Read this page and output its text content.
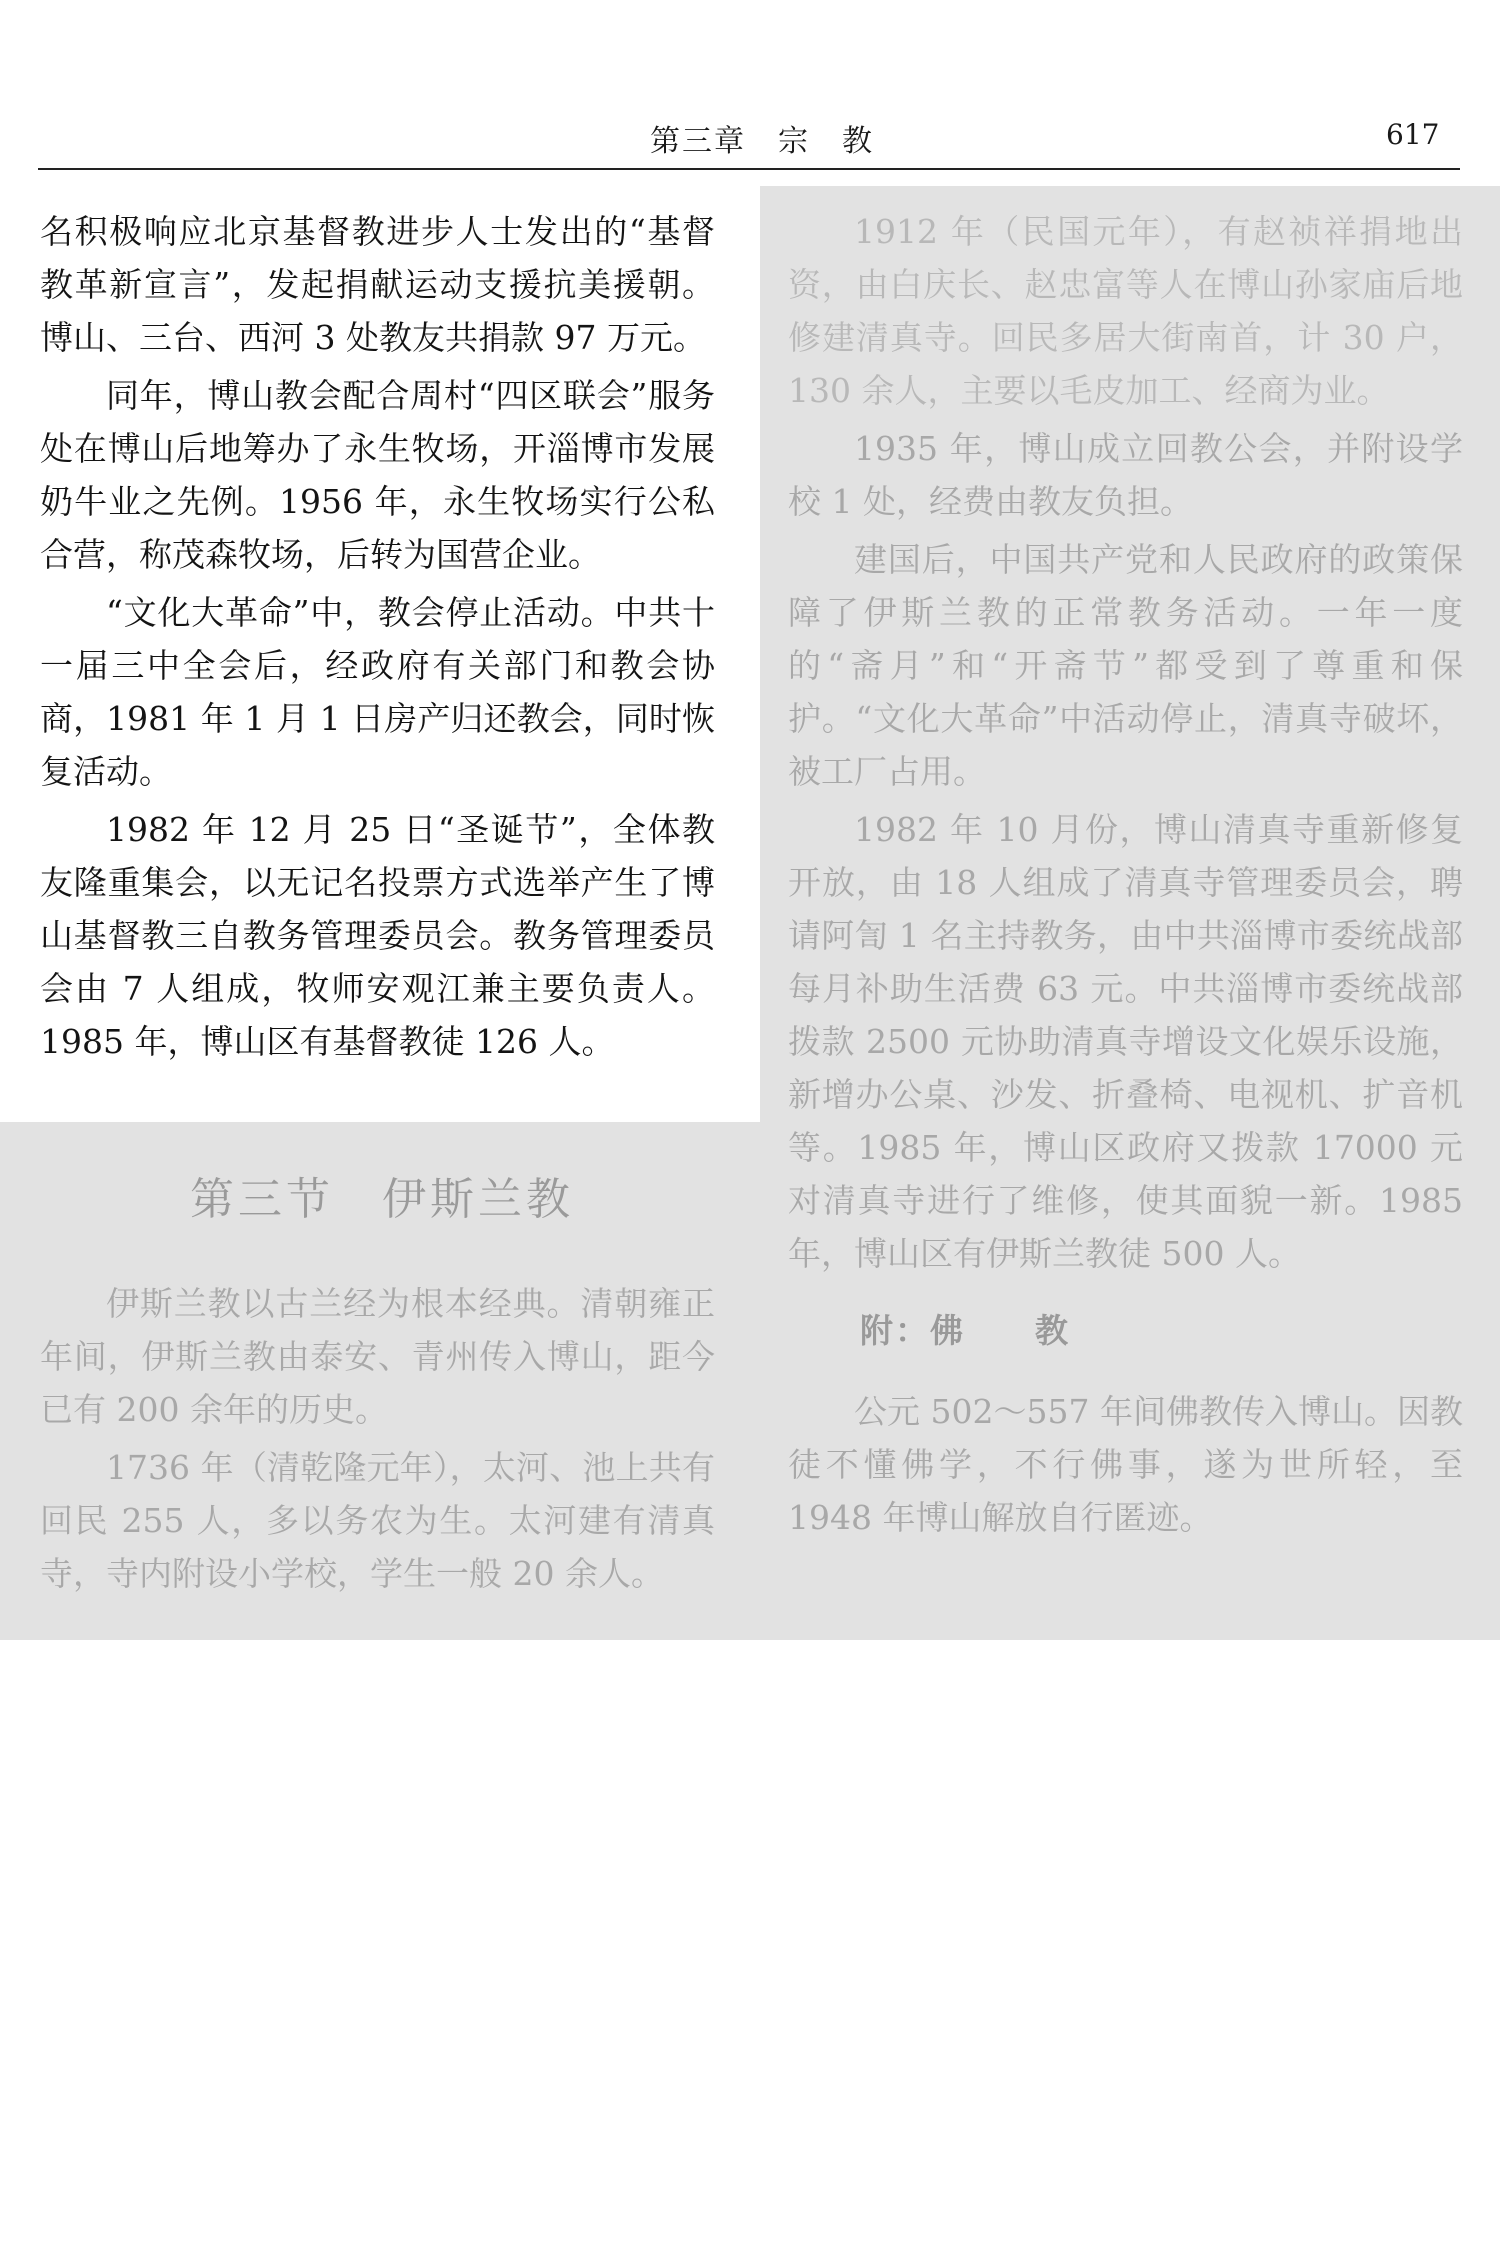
第三章　宗　教	617

名积极响应北京基督教进步人士发出的“基督教革新宣言”，发起捐献运动支援抗美援朝。博山、三台、西河 3 处教友共捐款 97 万元。

同年，博山教会配合周村“四区联会”服务处在博山后地筹办了永生牧场，开淄博市发展奶牛业之先例。1956 年，永生牧场实行公私合营，称茂森牧场，后转为国营企业。

“文化大革命”中，教会停止活动。中共十一届三中全会后，经政府有关部门和教会协商，1981 年 1 月 1 日房产归还教会，同时恢复活动。

1982 年 12 月 25 日“圣诞节”，全体教友隆重集会，以无记名投票方式选举产生了博山基督教三自教务管理委员会。教务管理委员会由 7 人组成，牧师安观江兼主要负责人。1985 年，博山区有基督教徒 126 人。

第三节　伊斯兰教

伊斯兰教以古兰经为根本经典。清朝雍正年间，伊斯兰教由泰安、青州传入博山，距今已有 200 余年的历史。

1736 年（清乾隆元年），太河、池上共有回民 255 人，多以务农为生。太河建有清真寺，寺内附设小学校，学生一般 20 余人。

1912 年（民国元年），有赵祯祥捐地出资，由白庆长、赵忠富等人在博山孙家庙后地修建清真寺。回民多居大街南首，计 30 户，130 余人，主要以毛皮加工、经商为业。

1935 年，博山成立回教公会，并附设学校 1 处，经费由教友负担。

建国后，中国共产党和人民政府的政策保障了伊斯兰教的正常教务活动。一年一度的“斋月”和“开斋节”都受到了尊重和保护。“文化大革命”中活动停止，清真寺破坏，被工厂占用。

1982 年 10 月份，博山清真寺重新修复开放，由 18 人组成了清真寺管理委员会，聘请阿訇 1 名主持教务，由中共淄博市委统战部每月补助生活费 63 元。中共淄博市委统战部拨款 2500 元协助清真寺增设文化娱乐设施，新增办公桌、沙发、折叠椅、电视机、扩音机等。1985 年，博山区政府又拨款 17000 元对清真寺进行了维修，使其面貌一新。1985 年，博山区有伊斯兰教徒 500 人。

附：佛　　教

公元 502～557 年间佛教传入博山。因教徒不懂佛学，不行佛事，遂为世所轻，至 1948 年博山解放自行匿迹。
